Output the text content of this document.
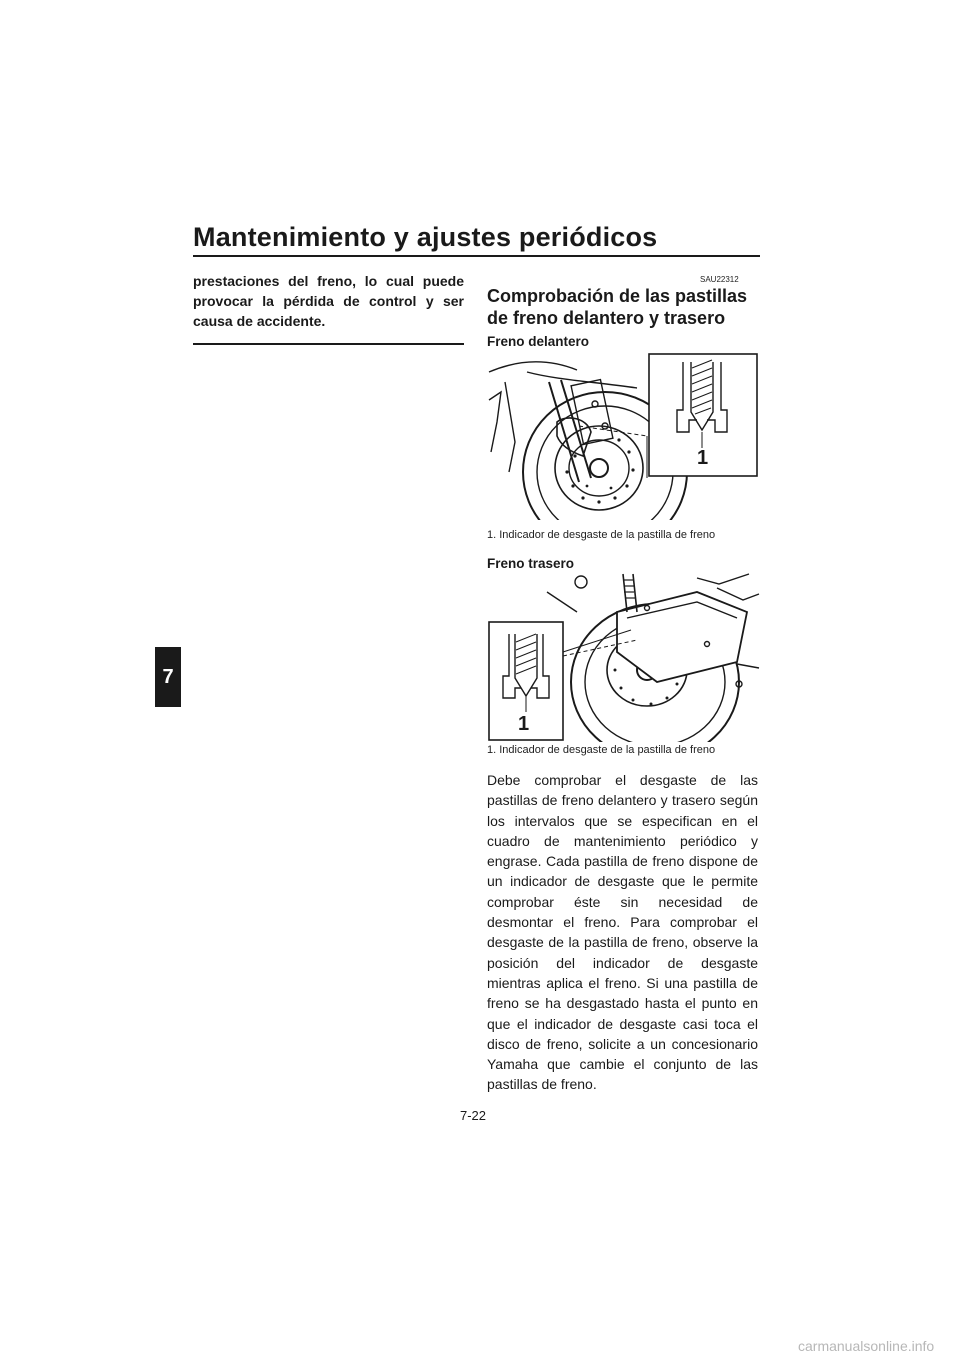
Mantenimiento y ajustes periódicos
7

prestaciones del freno, lo cual puede provocar la pérdida de control y ser causa de accidente.

SAU22312
Comprobación de las pastillas de freno delantero y trasero
Freno delantero
1
1. Indicador de desgaste de la pastilla de freno
Freno trasero
1
1. Indicador de desgaste de la pastilla de freno

Debe comprobar el desgaste de las pastillas de freno delantero y trasero según los intervalos que se especifican en el cuadro de mantenimiento periódico y engrase. Cada pastilla de freno dispone de un indicador de desgaste que le permite comprobar éste sin necesidad de desmontar el freno. Para comprobar el desgaste de la pastilla de freno, observe la posición del indicador de desgaste mientras aplica el freno. Si una pastilla de freno se ha desgastado hasta el punto en que el indicador de desgaste casi toca el disco de freno, solicite a un concesionario Yamaha que cambie el conjunto de las pastillas de freno.

7-22
carmanualsonline.info
